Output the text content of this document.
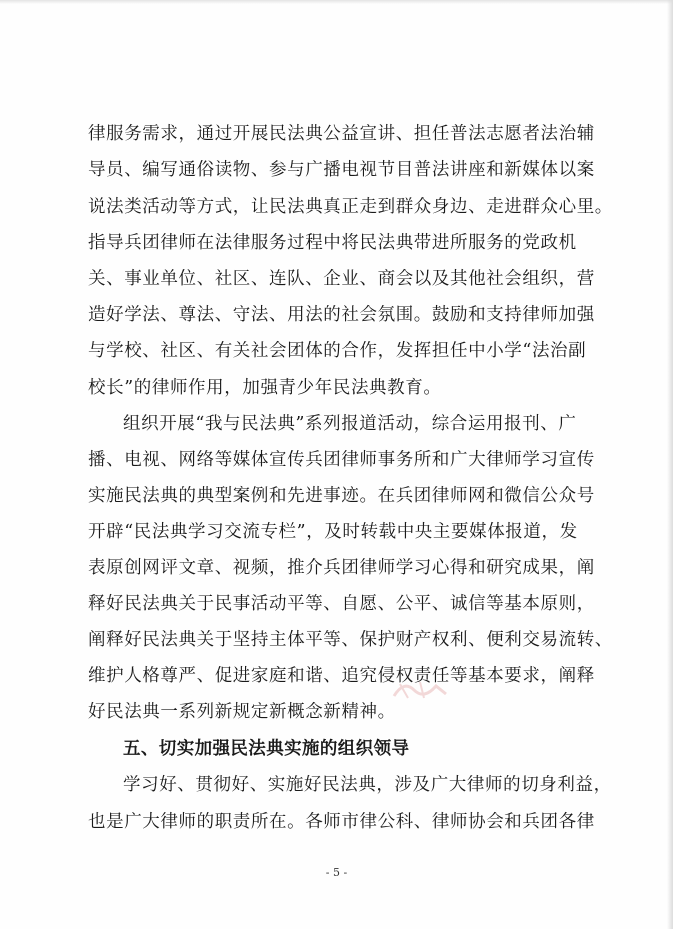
律服务需求，通过开展民法典公益宣讲、担任普法志愿者法治辅
导员、编写通俗读物、参与广播电视节目普法讲座和新媒体以案
说法类活动等方式，让民法典真正走到群众身边、走进群众心里。
指导兵团律师在法律服务过程中将民法典带进所服务的党政机
关、事业单位、社区、连队、企业、商会以及其他社会组织，营
造好学法、尊法、守法、用法的社会氛围。鼓励和支持律师加强
与学校、社区、有关社会团体的合作，发挥担任中小学“法治副
校长”的律师作用，加强青少年民法典教育。
组织开展“我与民法典”系列报道活动，综合运用报刊、广
播、电视、网络等媒体宣传兵团律师事务所和广大律师学习宣传
实施民法典的典型案例和先进事迹。在兵团律师网和微信公众号
开辟“民法典学习交流专栏”，及时转载中央主要媒体报道，发
表原创网评文章、视频，推介兵团律师学习心得和研究成果，阐
释好民法典关于民事活动平等、自愿、公平、诚信等基本原则，
阐释好民法典关于坚持主体平等、保护财产权利、便利交易流转、
维护人格尊严、促进家庭和谐、追究侵权责任等基本要求，阐释
好民法典一系列新规定新概念新精神。
五、切实加强民法典实施的组织领导
学习好、贯彻好、实施好民法典，涉及广大律师的切身利益，
也是广大律师的职责所在。各师市律公科、律师协会和兵团各律
- 5 -
